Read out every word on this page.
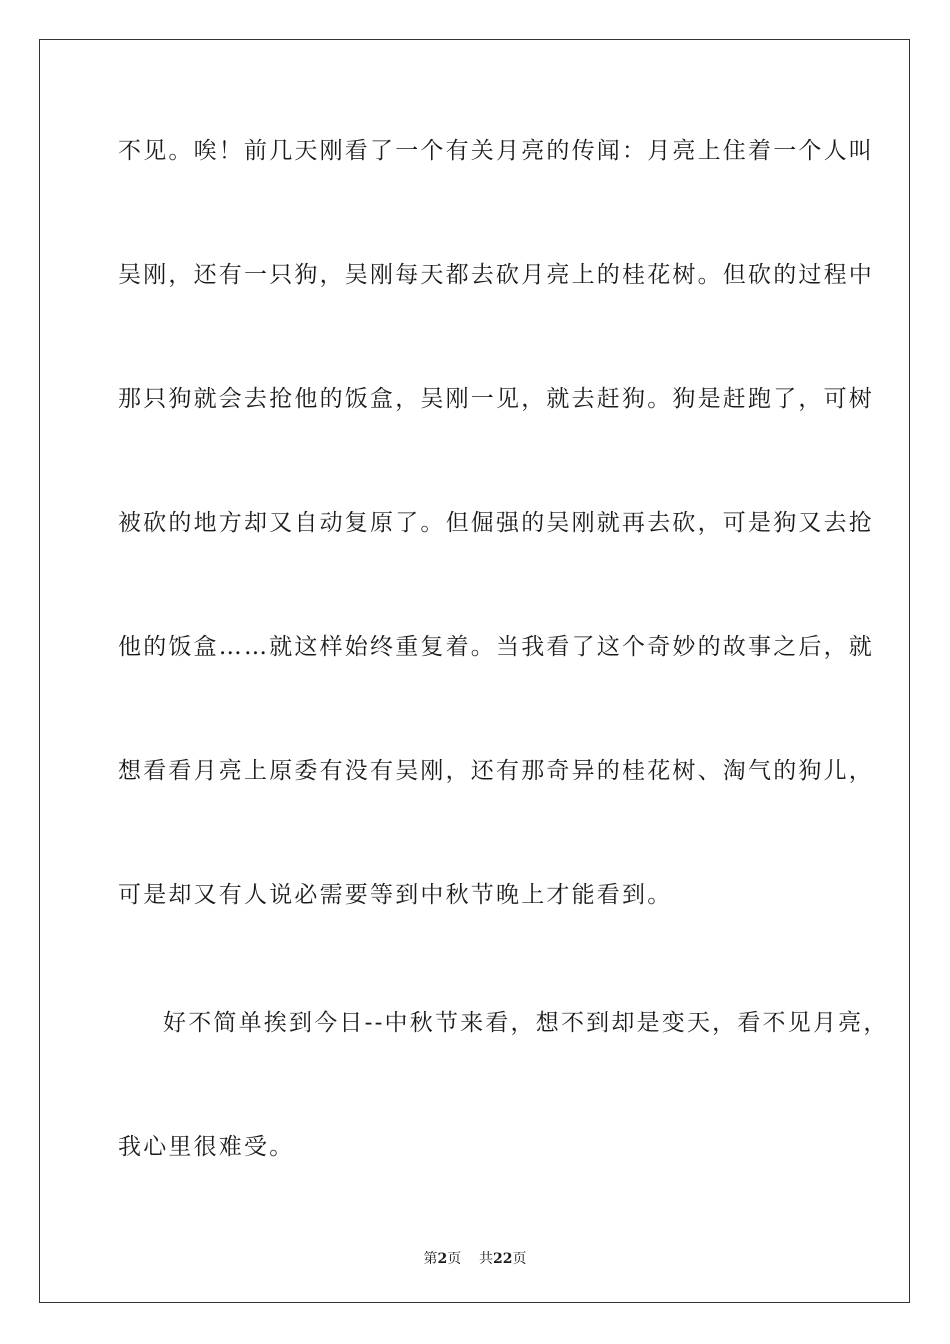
不见。唉！前几天刚看了一个有关月亮的传闻：月亮上住着一个人叫
吴刚，还有一只狗，吴刚每天都去砍月亮上的桂花树。但砍的过程中
那只狗就会去抢他的饭盒，吴刚一见，就去赶狗。狗是赶跑了，可树
被砍的地方却又自动复原了。但倔强的吴刚就再去砍，可是狗又去抢
他的饭盒……就这样始终重复着。当我看了这个奇妙的故事之后，就
想看看月亮上原委有没有吴刚，还有那奇异的桂花树、淘气的狗儿，
可是却又有人说必需要等到中秋节晚上才能看到。
好不简单挨到今日--中秋节来看，想不到却是变天，看不见月亮，
我心里很难受。
第2页 共22页
